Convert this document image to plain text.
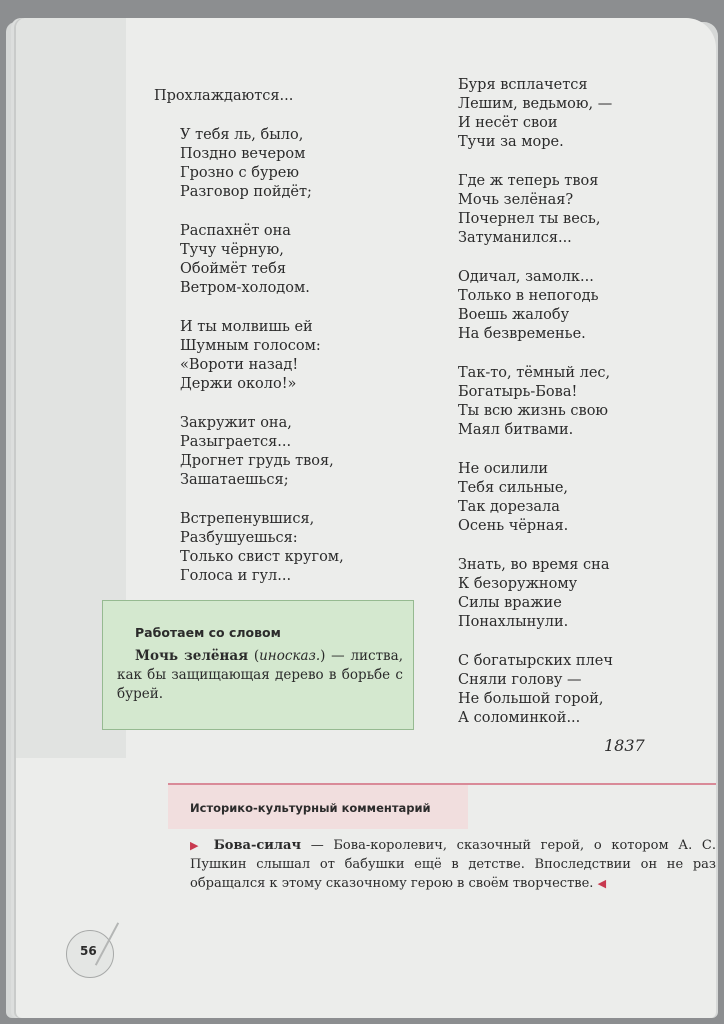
Прохлаждаются...
У тебя ль, было,
Поздно вечером
Грозно с бурею
Разговор пойдёт;
Распахнёт она
Тучу чёрную,
Обоймёт тебя
Ветром-холодом.
И ты молвишь ей
Шумным голосом:
«Вороти назад!
Держи около!»
Закружит она,
Разыграется...
Дрогнет грудь твоя,
Зашатаешься;
Встрепенувшися,
Разбушуешься:
Только свист кругом,
Голоса и гул...
Буря всплачется
Лешим, ведьмою, —
И несёт свои
Тучи за море.
Где ж теперь твоя
Мочь зелёная?
Почернел ты весь,
Затуманился...
Одичал, замолк...
Только в непогодь
Воешь жалобу
На безвременье.
Так-то, тёмный лес,
Богатырь-Бова!
Ты всю жизнь свою
Маял битвами.
Не осилили
Тебя сильные,
Так дорезала
Осень чёрная.
Знать, во время сна
К безоружному
Силы вражие
Понахлынули.
С богатырских плеч
Сняли голову —
Не большой горой,
А соломинкой...
1837
Работаем со словом
Мочь зелёная (иносказ.) — листва, как бы защищающая дерево в борьбе с бурей.
Историко-культурный комментарий
▶ Бова-силач — Бова-королевич, сказочный герой, о котором А. С. Пушкин слышал от бабушки ещё в детстве. Впоследствии он не раз обращался к этому сказочному герою в своём творчестве. ◀
56
